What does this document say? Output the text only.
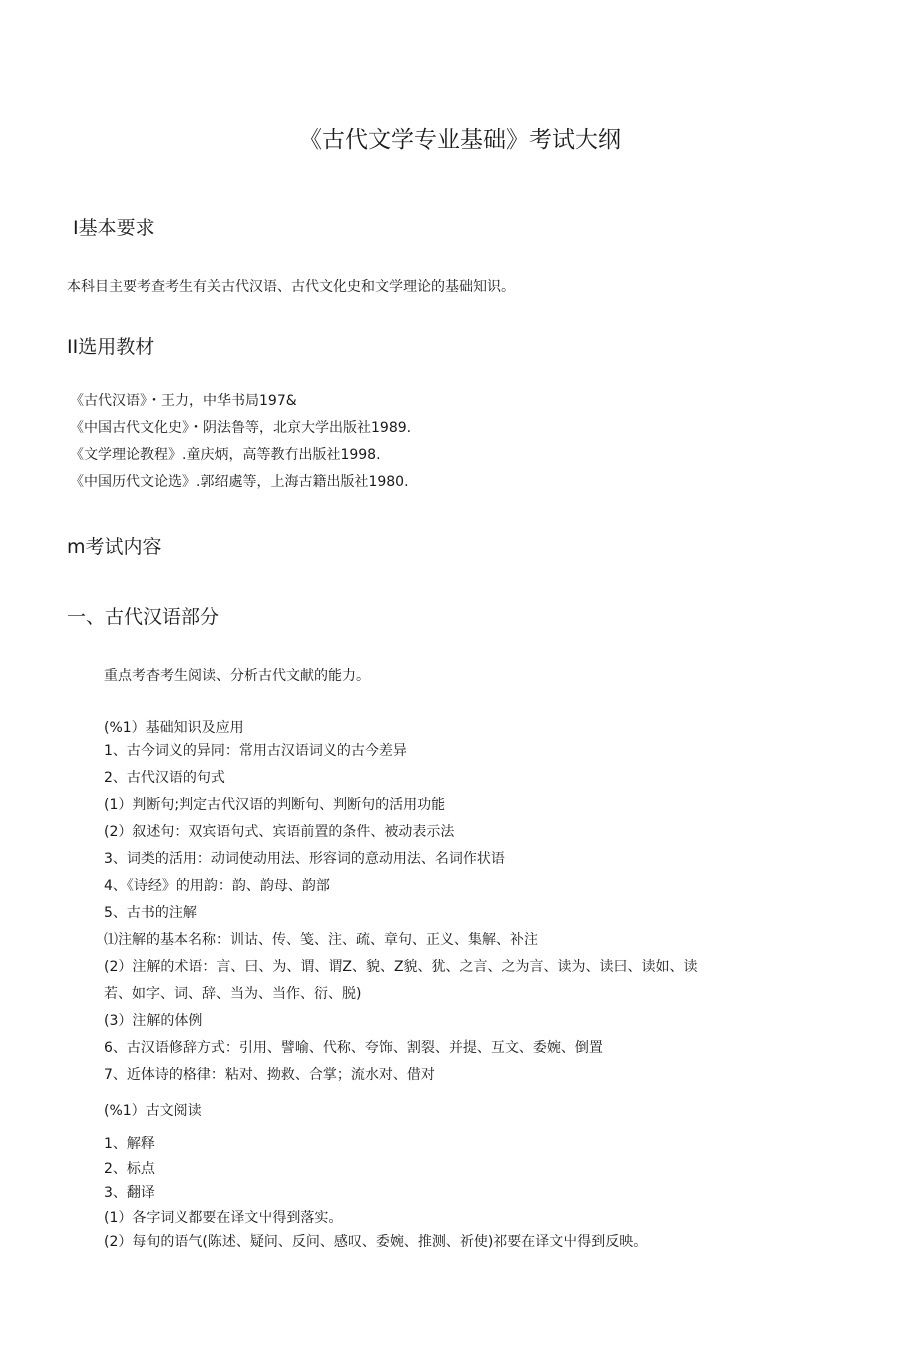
《古代文学专业基础》考试大纲
I基本要求
本科目主要考查考生有关古代汉语、古代文化史和文学理论的基础知识。
II选用教材
《古代汉语》・王力，中华书局197&
《中国古代文化史》・阴法鲁等，北京大学出版社1989.
《文学理论教程》.童庆炳，高等教冇出版社1998.
《中国历代文论选》.郭绍處等，上海古籍出版社1980.
m考试内容
一、古代汉语部分
重点考杳考生阅读、分析古代文献的能力。
(%1）基础知识及应用
1、古今词义的异同：常用古汉语词义的古今差异
2、古代汉语的句式
(1）判断句;判定古代汉语的判断句、判断句的活用功能
(2）叙述句：双宾语句式、宾语前置的条件、被动表示法
3、词类的活用：动词使动用法、形容词的意动用法、名词作状语
4、《诗经》的用韵：韵、韵母、韵部
5、古书的注解
⑴注解的基本名称：训诂、传、笺、注、疏、章句、正义、集解、补注
(2）注解的术语：言、曰、为、谓、谓Z、貌、Z貌、犹、之言、之为言、读为、读曰、读如、读
若、如字、词、辞、当为、当作、衍、脱)
(3）注解的体例
6、古汉语修辞方式：引用、譬喻、代称、夸饰、割裂、并提、互文、委婉、倒置
7、近体诗的格律：粘对、拗救、合掌；流水对、借对
(%1）古文阅读
1、解释
2、标点
3、翻译
(1）各字词义都要在译文屮得到落实。
(2）每旬的语气(陈述、疑问、反问、感叹、委婉、推测、祈使)祁要在译文屮得到反映。
